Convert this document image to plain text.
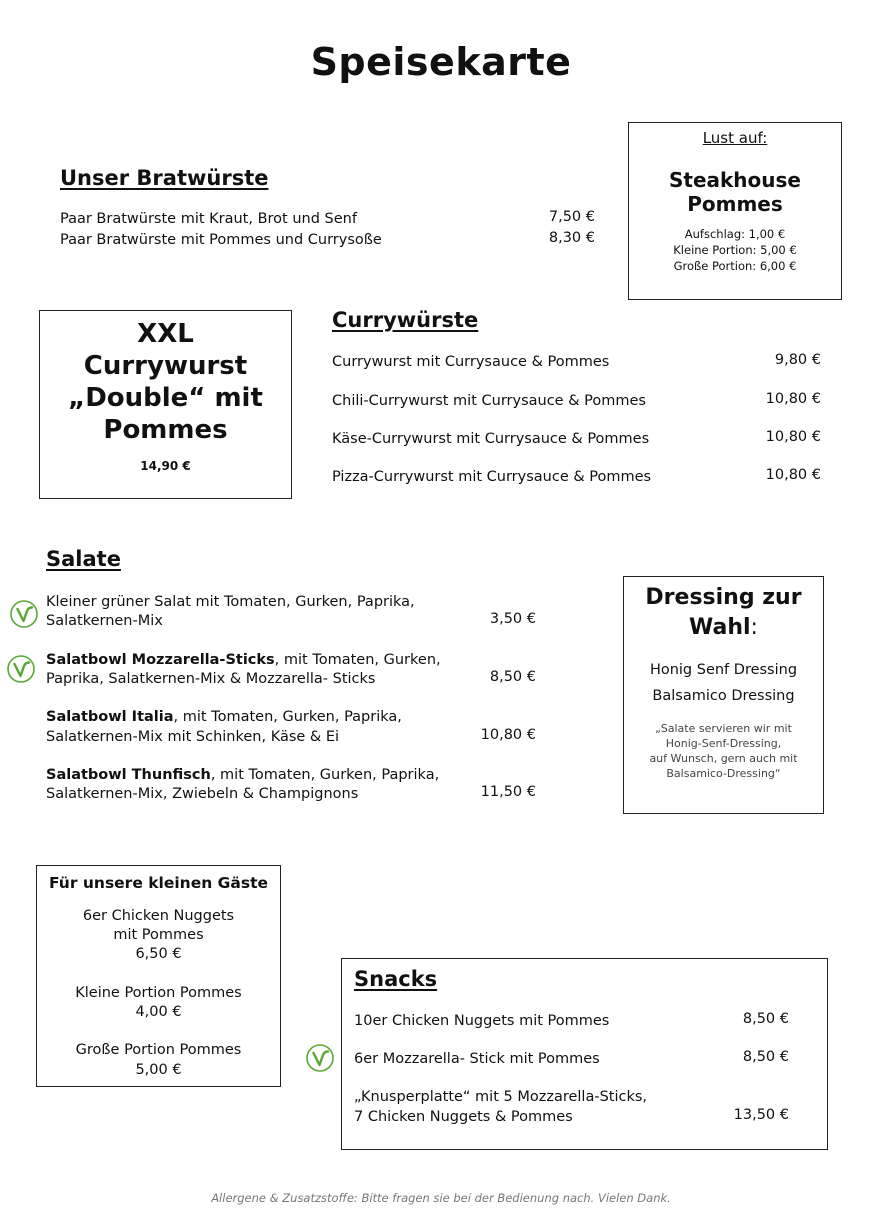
Speisekarte
Unser Bratwürste
Paar Bratwürste mit Kraut, Brot und Senf	7,50 €
Paar Bratwürste mit Pommes und Currysoße	8,30 €
Lust auf:
Steakhouse
Pommes
Aufschlag: 1,00 €
Kleine Portion: 5,00 €
Große Portion: 6,00 €
XXL
Currywurst
„Double“ mit
Pommes
14,90 €
Currywürste
Currywurst mit Currysauce & Pommes	9,80 €
Chili-Currywurst mit Currysauce & Pommes	10,80 €
Käse-Currywurst mit Currysauce & Pommes	10,80 €
Pizza-Currywurst mit Currysauce & Pommes	10,80 €
Salate
Kleiner grüner Salat mit Tomaten, Gurken, Paprika,
Salatkernen-Mix	3,50 €
Salatbowl Mozzarella-Sticks, mit Tomaten, Gurken,
Paprika, Salatkernen-Mix & Mozzarella- Sticks	8,50 €
Salatbowl Italia, mit Tomaten, Gurken, Paprika,
Salatkernen-Mix mit Schinken, Käse & Ei	10,80 €
Salatbowl Thunfisch, mit Tomaten, Gurken, Paprika,
Salatkernen-Mix, Zwiebeln & Champignons	11,50 €
Dressing zur
Wahl:
Honig Senf Dressing
Balsamico Dressing
„Salate servieren wir mit
Honig-Senf-Dressing,
auf Wunsch, gern auch mit
Balsamico-Dressing“
Für unsere kleinen Gäste
6er Chicken Nuggets
mit Pommes
6,50 €
Kleine Portion Pommes
4,00 €
Große Portion Pommes
5,00 €
Snacks
10er Chicken Nuggets mit Pommes	8,50 €
6er Mozzarella- Stick mit Pommes	8,50 €
„Knusperplatte“ mit 5 Mozzarella-Sticks,
7 Chicken Nuggets & Pommes	13,50 €
Allergene & Zusatzstoffe: Bitte fragen sie bei der Bedienung nach. Vielen Dank.
